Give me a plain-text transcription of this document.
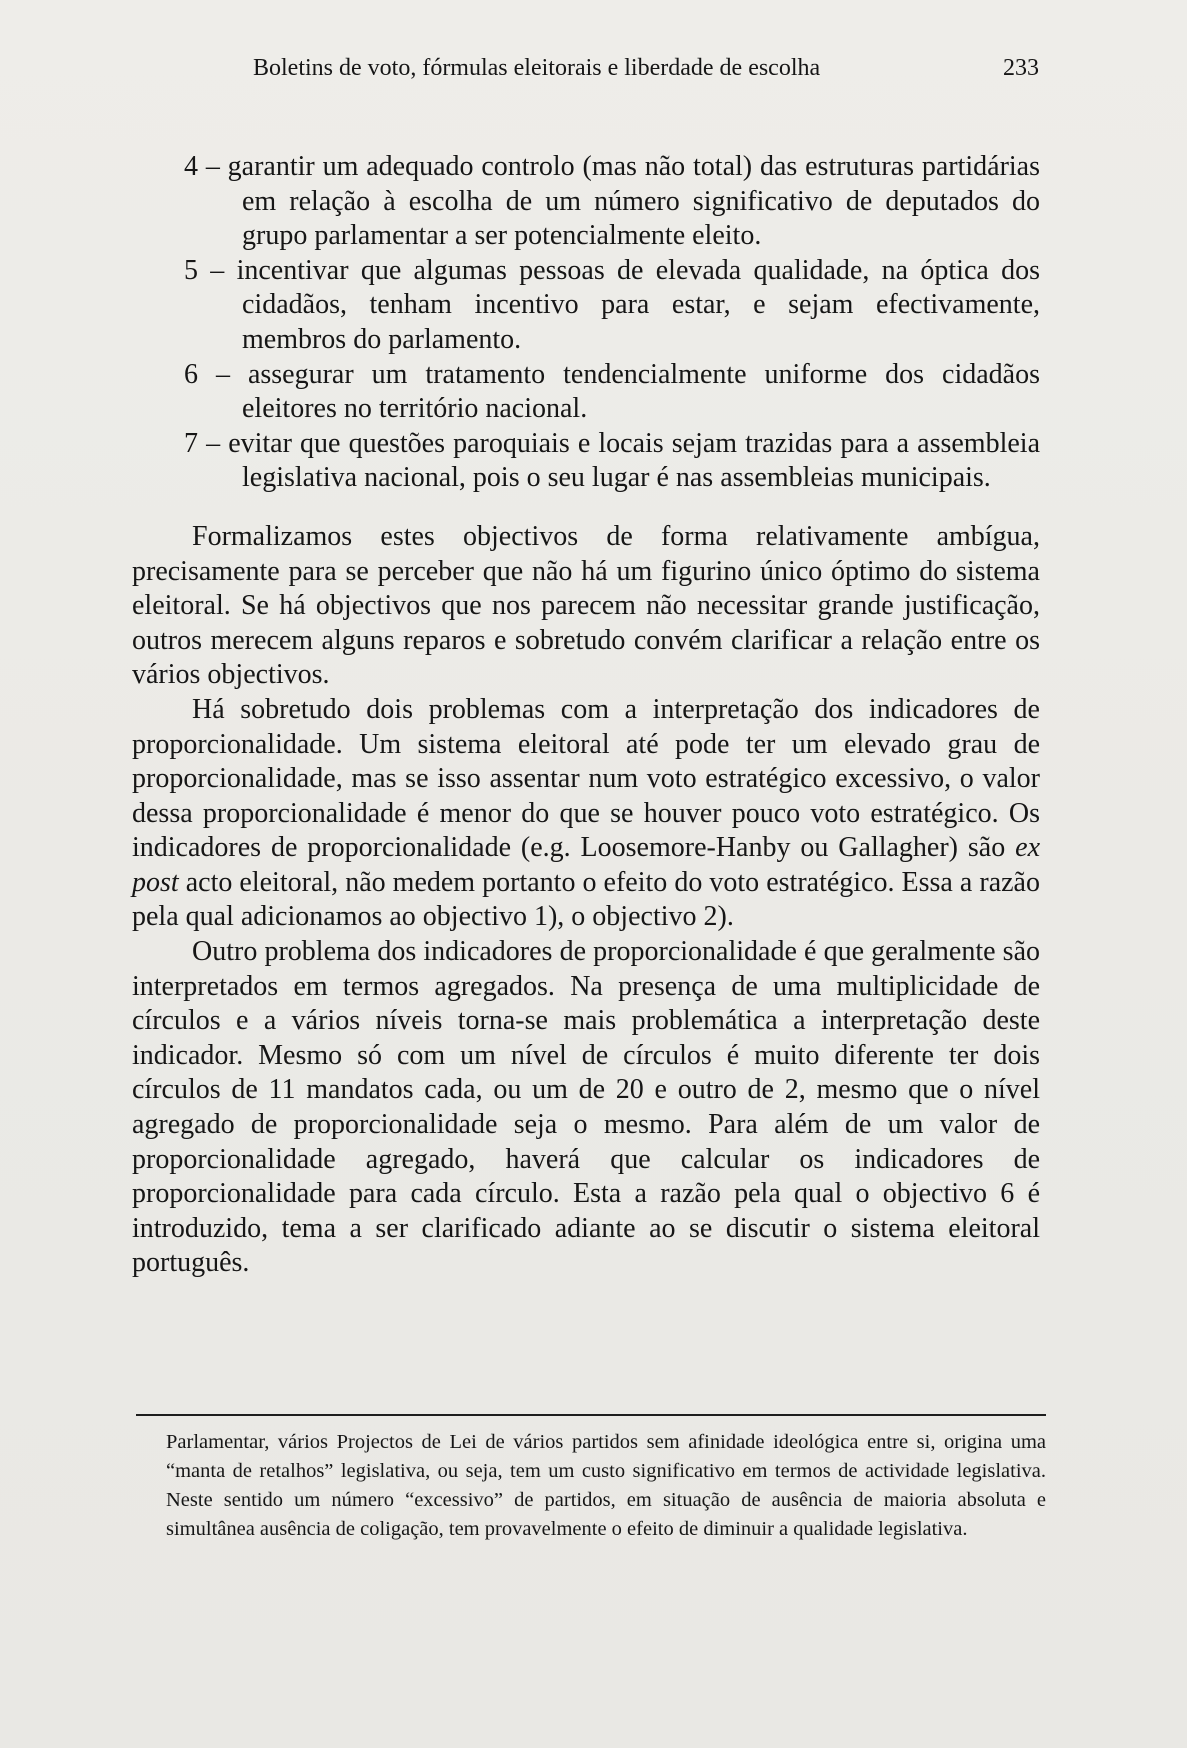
Boletins de voto, fórmulas eleitorais e liberdade de escolha	233

4 – garantir um adequado controlo (mas não total) das estruturas partidárias em relação à escolha de um número significativo de deputados do grupo parlamentar a ser potencialmente eleito.

5 – incentivar que algumas pessoas de elevada qualidade, na óptica dos cidadãos, tenham incentivo para estar, e sejam efectivamente, membros do parlamento.

6 – assegurar um tratamento tendencialmente uniforme dos cidadãos eleitores no território nacional.

7 – evitar que questões paroquiais e locais sejam trazidas para a assembleia legislativa nacional, pois o seu lugar é nas assembleias municipais.

Formalizamos estes objectivos de forma relativamente ambígua, precisamente para se perceber que não há um figurino único óptimo do sistema eleitoral. Se há objectivos que nos parecem não necessitar grande justificação, outros merecem alguns reparos e sobretudo convém clarificar a relação entre os vários objectivos.

Há sobretudo dois problemas com a interpretação dos indicadores de proporcionalidade. Um sistema eleitoral até pode ter um elevado grau de proporcionalidade, mas se isso assentar num voto estratégico excessivo, o valor dessa proporcionalidade é menor do que se houver pouco voto estratégico. Os indicadores de proporcionalidade (e.g. Loosemore-Hanby ou Gallagher) são ex post acto eleitoral, não medem portanto o efeito do voto estratégico. Essa a razão pela qual adicionamos ao objectivo 1), o objectivo 2).

Outro problema dos indicadores de proporcionalidade é que geralmente são interpretados em termos agregados. Na presença de uma multiplicidade de círculos e a vários níveis torna-se mais problemática a interpretação deste indicador. Mesmo só com um nível de círculos é muito diferente ter dois círculos de 11 mandatos cada, ou um de 20 e outro de 2, mesmo que o nível agregado de proporcionalidade seja o mesmo. Para além de um valor de proporcionalidade agregado, haverá que calcular os indicadores de proporcionalidade para cada círculo. Esta a razão pela qual o objectivo 6 é introduzido, tema a ser clarificado adiante ao se discutir o sistema eleitoral português.

Parlamentar, vários Projectos de Lei de vários partidos sem afinidade ideológica entre si, origina uma “manta de retalhos” legislativa, ou seja, tem um custo significativo em termos de actividade legislativa. Neste sentido um número “excessivo” de partidos, em situação de ausência de maioria absoluta e simultânea ausência de coligação, tem provavelmente o efeito de diminuir a qualidade legislativa.
